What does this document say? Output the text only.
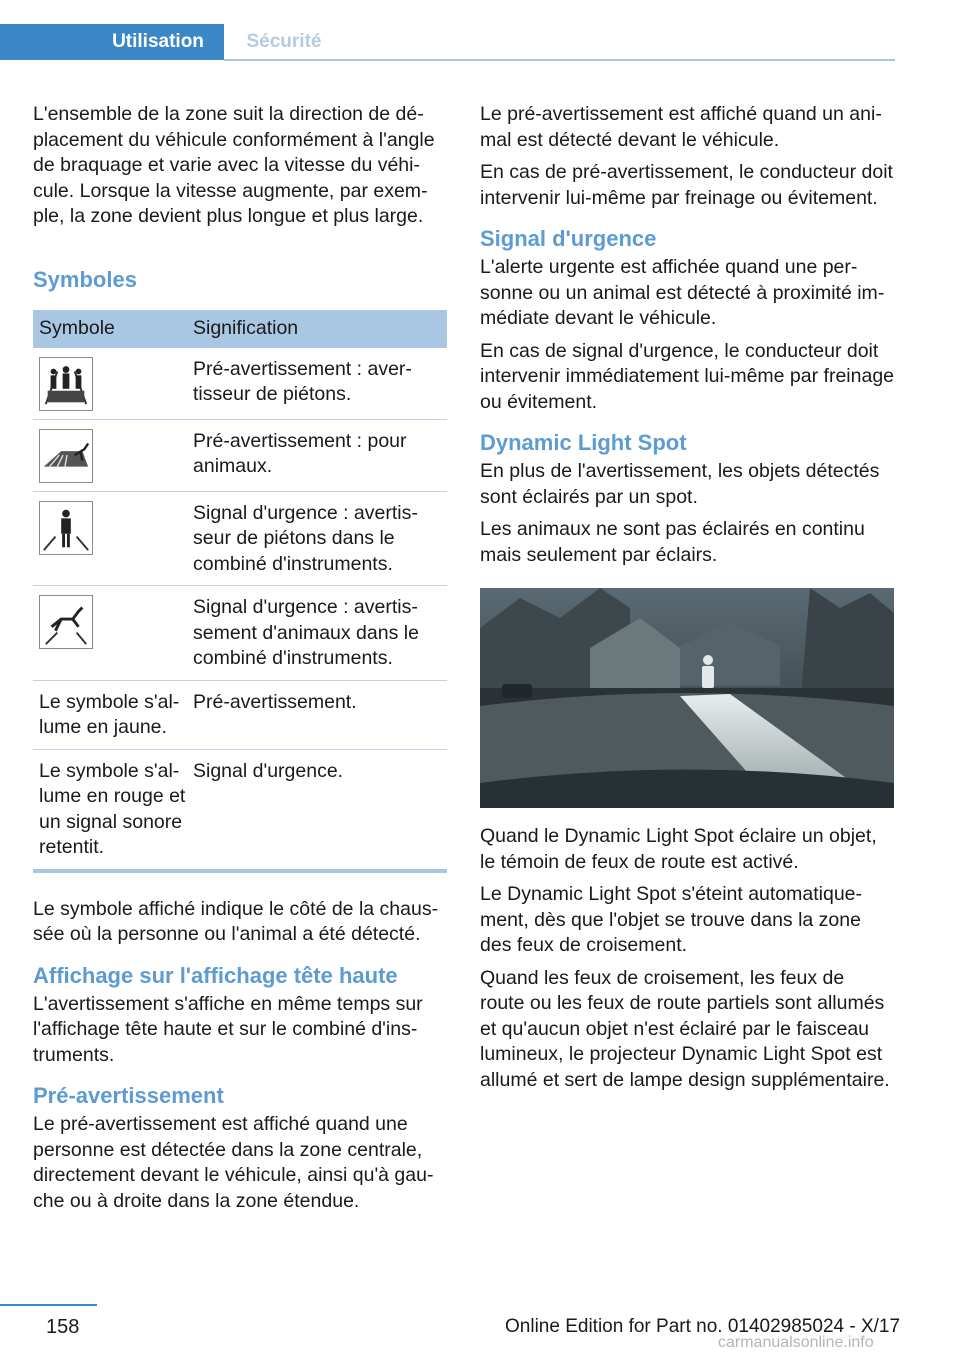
Utilisation	Sécurité

L'ensemble de la zone suit la direction de déplacement du véhicule conformément à l'angle de braquage et varie avec la vitesse du véhicule. Lorsque la vitesse augmente, par exemple, la zone devient plus longue et plus large.

Symboles
Symbole	Signification

	Pré-avertissement : avertisseur de piétons.

	Pré-avertissement : pour animaux.

	Signal d'urgence : avertisseur de piétons dans le combiné d'instruments.

	Signal d'urgence : avertissement d'animaux dans le combiné d'instruments.
Le symbole s'allume en jaune.	Pré-avertissement.
Le symbole s'allume en rouge et un signal sonore retentit.	Signal d'urgence.

Le symbole affiché indique le côté de la chaussée où la personne ou l'animal a été détecté.

Affichage sur l'affichage tête haute

L'avertissement s'affiche en même temps sur l'affichage tête haute et sur le combiné d'instruments.

Pré-avertissement

Le pré-avertissement est affiché quand une personne est détectée dans la zone centrale, directement devant le véhicule, ainsi qu'à gauche ou à droite dans la zone étendue.

Le pré-avertissement est affiché quand un animal est détecté devant le véhicule.

En cas de pré-avertissement, le conducteur doit intervenir lui-même par freinage ou évitement.

Signal d'urgence

L'alerte urgente est affichée quand une personne ou un animal est détecté à proximité immédiate devant le véhicule.

En cas de signal d'urgence, le conducteur doit intervenir immédiatement lui-même par freinage ou évitement.

Dynamic Light Spot

En plus de l'avertissement, les objets détectés sont éclairés par un spot.

Les animaux ne sont pas éclairés en continu mais seulement par éclairs.

Quand le Dynamic Light Spot éclaire un objet, le témoin de feux de route est activé.

Le Dynamic Light Spot s'éteint automatiquement, dès que l'objet se trouve dans la zone des feux de croisement.

Quand les feux de croisement, les feux de route ou les feux de route partiels sont allumés et qu'aucun objet n'est éclairé par le faisceau lumineux, le projecteur Dynamic Light Spot est allumé et sert de lampe design supplémentaire.

158	Online Edition for Part no. 01402985024 - X/17
carmanualsonline.info
